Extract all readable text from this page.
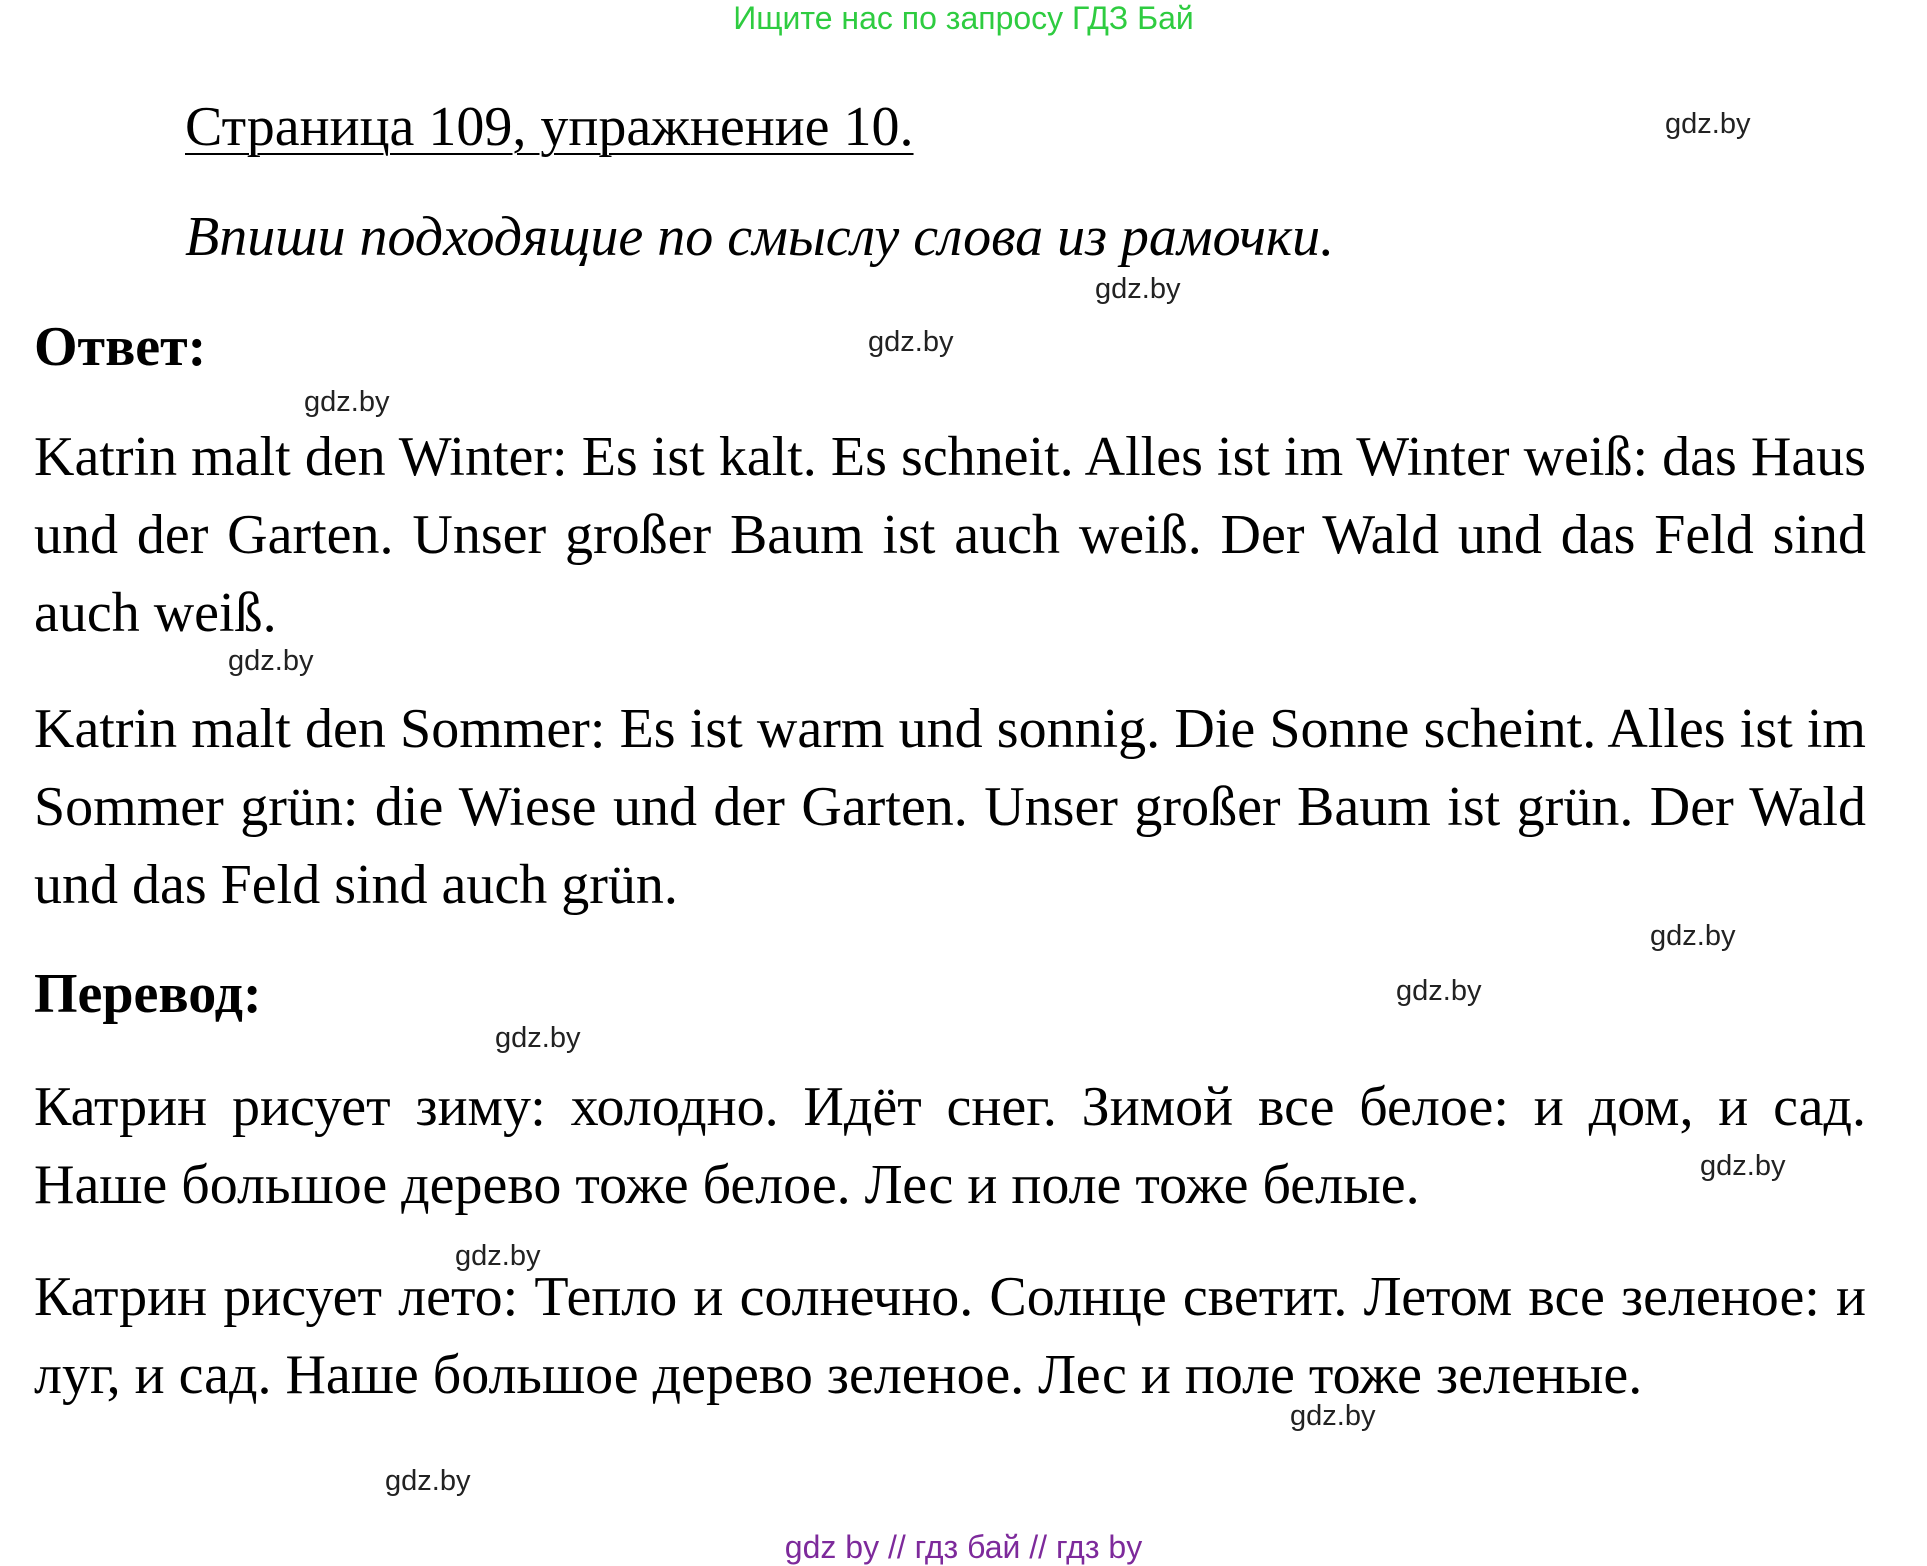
Ищите нас по запросу ГДЗ Бай
Страница 109, упражнение 10.
Впиши подходящие по смыслу слова из рамочки.
Ответ:
Katrin malt den Winter: Es ist kalt. Es schneit. Alles ist im Winter weiß: das Haus und der Garten. Unser großer Baum ist auch weiß. Der Wald und das Feld sind auch weiß.
Katrin malt den Sommer: Es ist warm und sonnig. Die Sonne scheint. Alles ist im Sommer grün: die Wiese und der Garten. Unser großer Baum ist grün. Der Wald und das Feld sind auch grün.
Перевод:
Катрин рисует зиму: холодно. Идёт снег. Зимой все белое: и дом, и сад. Наше большое дерево тоже белое. Лес и поле тоже белые.
Катрин рисует лето: Тепло и солнечно. Солнце светит. Летом все зеленое: и луг, и сад. Наше большое дерево зеленое. Лес и поле тоже зеленые.
gdz.by
gdz.by
gdz.by
gdz.by
gdz.by
gdz.by
gdz.by
gdz.by
gdz.by
gdz.by
gdz.by
gdz.by
gdz by // гдз бай // гдз by
